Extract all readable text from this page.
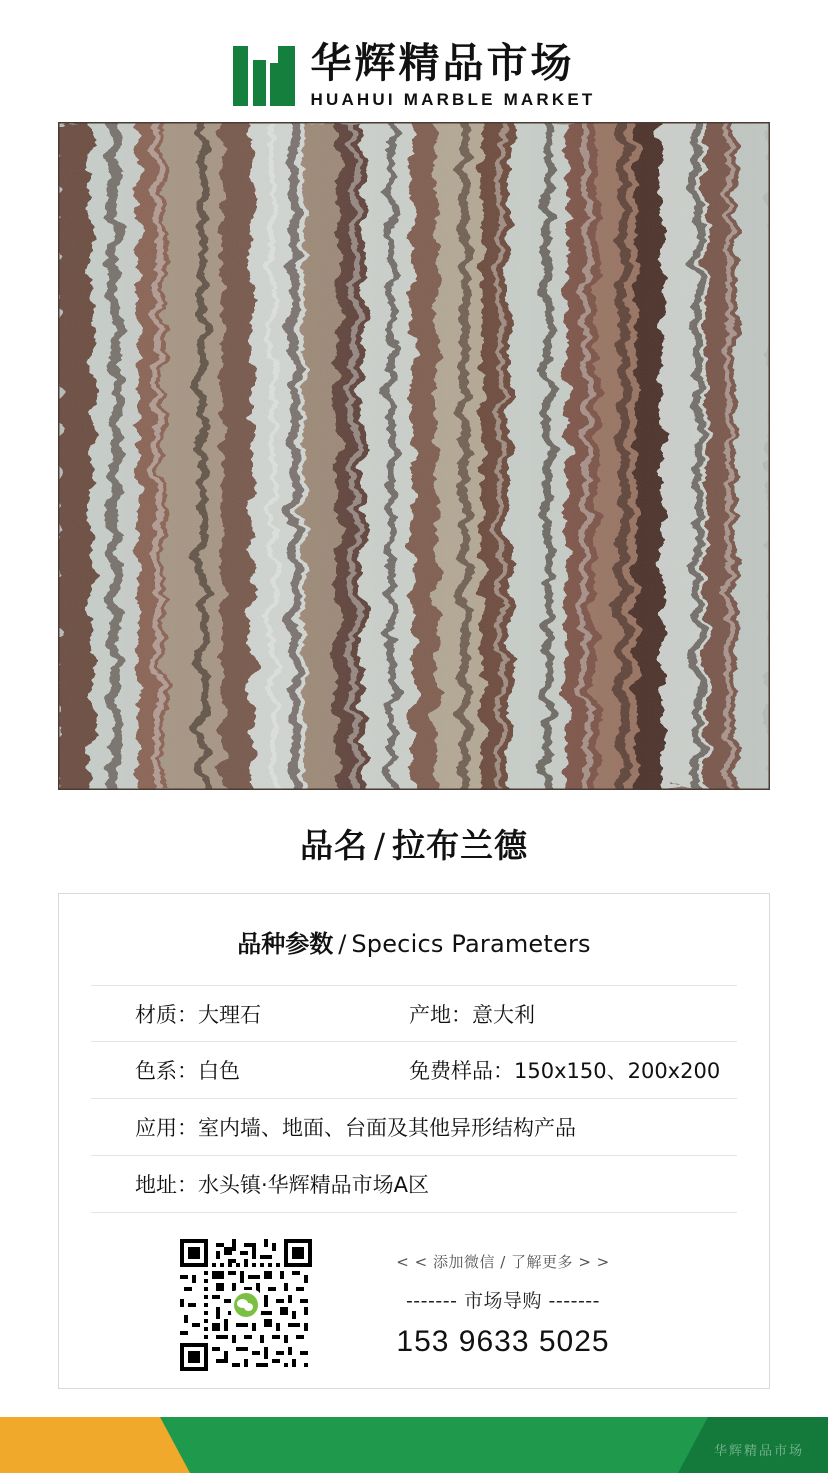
华辉精品市场
HUAHUI MARBLE MARKET
品名 / 拉布兰德
品种参数 / Specics Parameters
材质： 大理石	产地： 意大利
色系： 白色	免费样品： 150x150、200x200
应用： 室内墙、地面、台面及其他异形结构产品
地址： 水头镇·华辉精品市场A区
< < 添加微信 / 了解更多 > >
------- 市场导购 -------
153 9633 5025
华辉精品市场
